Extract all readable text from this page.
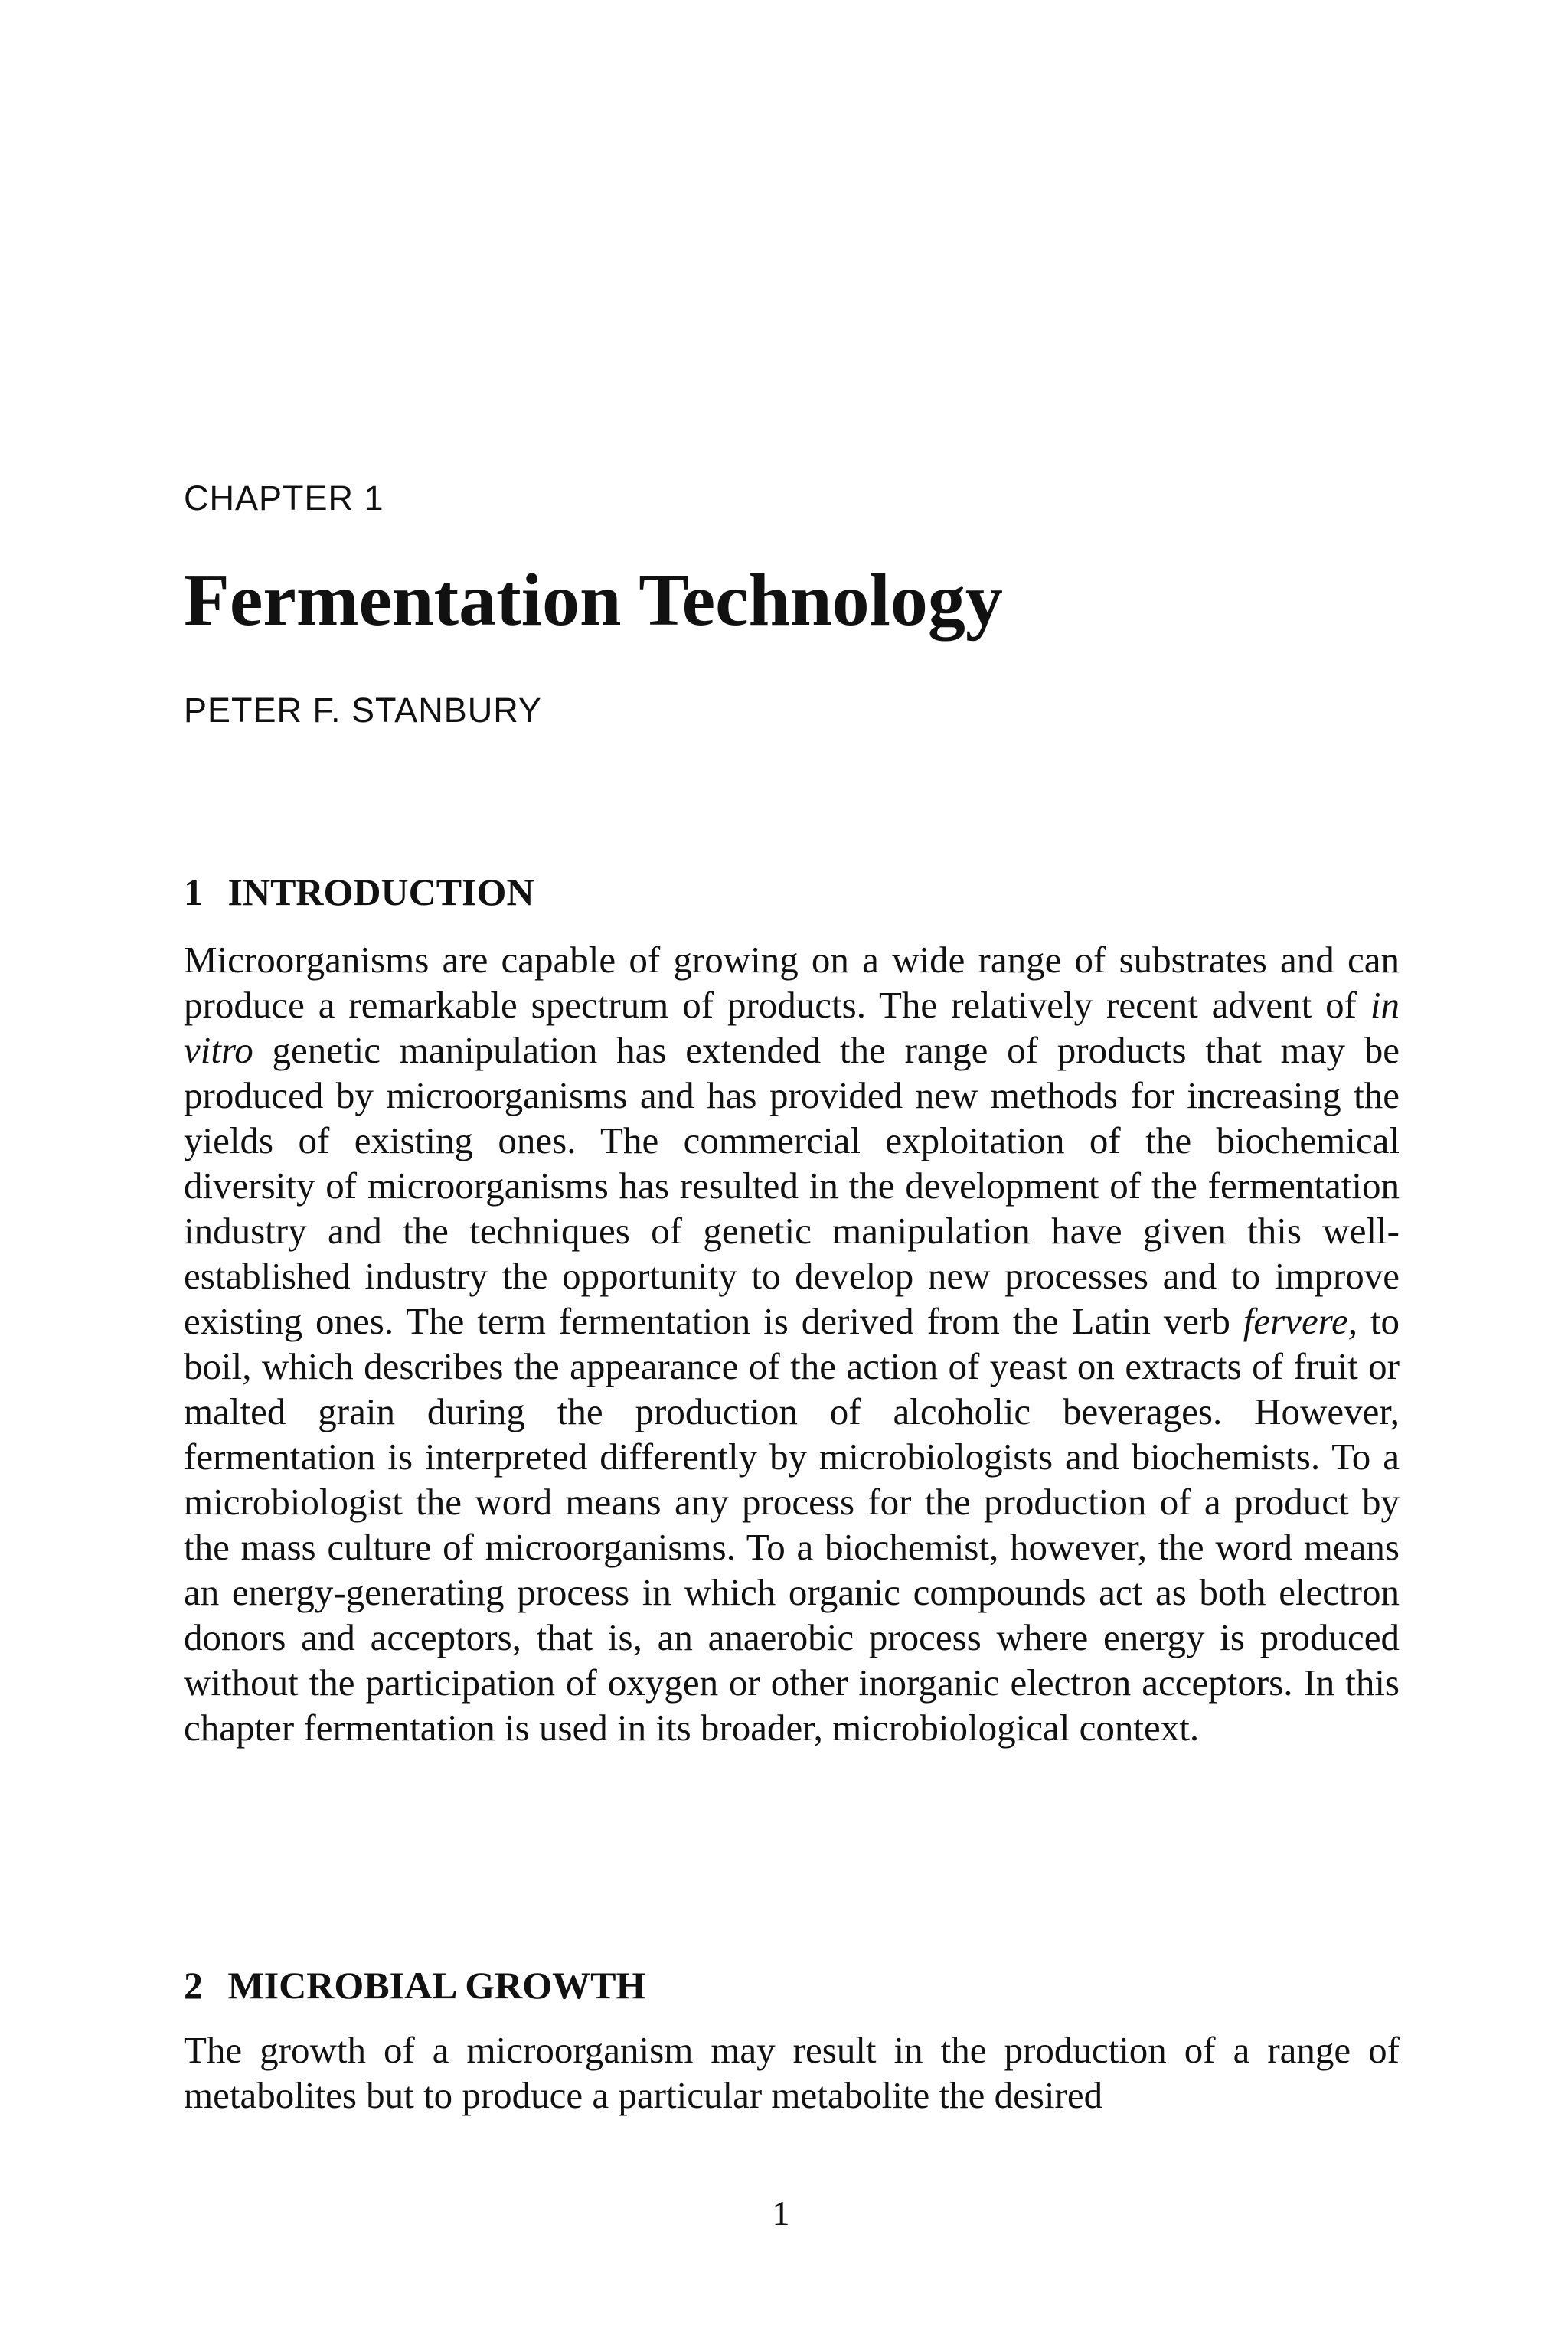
CHAPTER 1
Fermentation Technology
PETER F. STANBURY
1 INTRODUCTION

Microorganisms are capable of growing on a wide range of substrates and can produce a remarkable spectrum of products. The relatively recent advent of in vitro genetic manipulation has extended the range of products that may be produced by microorganisms and has provided new methods for increasing the yields of existing ones. The commercial exploitation of the biochemical diversity of microorganisms has resulted in the development of the fermentation industry and the techniques of genetic manipulation have given this well-established industry the opportunity to develop new processes and to improve existing ones. The term fermentation is derived from the Latin verb fervere, to boil, which describes the appearance of the action of yeast on extracts of fruit or malted grain during the production of alcoholic beverages. However, fermentation is interpreted differently by microbiologists and biochemists. To a microbiologist the word means any process for the production of a product by the mass culture of microorganisms. To a biochemist, however, the word means an energy-generating process in which organic compounds act as both electron donors and acceptors, that is, an anaerobic process where energy is produced without the participation of oxygen or other inorganic electron acceptors. In this chapter fermentation is used in its broader, microbiological context.

2 MICROBIAL GROWTH

The growth of a microorganism may result in the production of a range of metabolites but to produce a particular metabolite the desired

1
